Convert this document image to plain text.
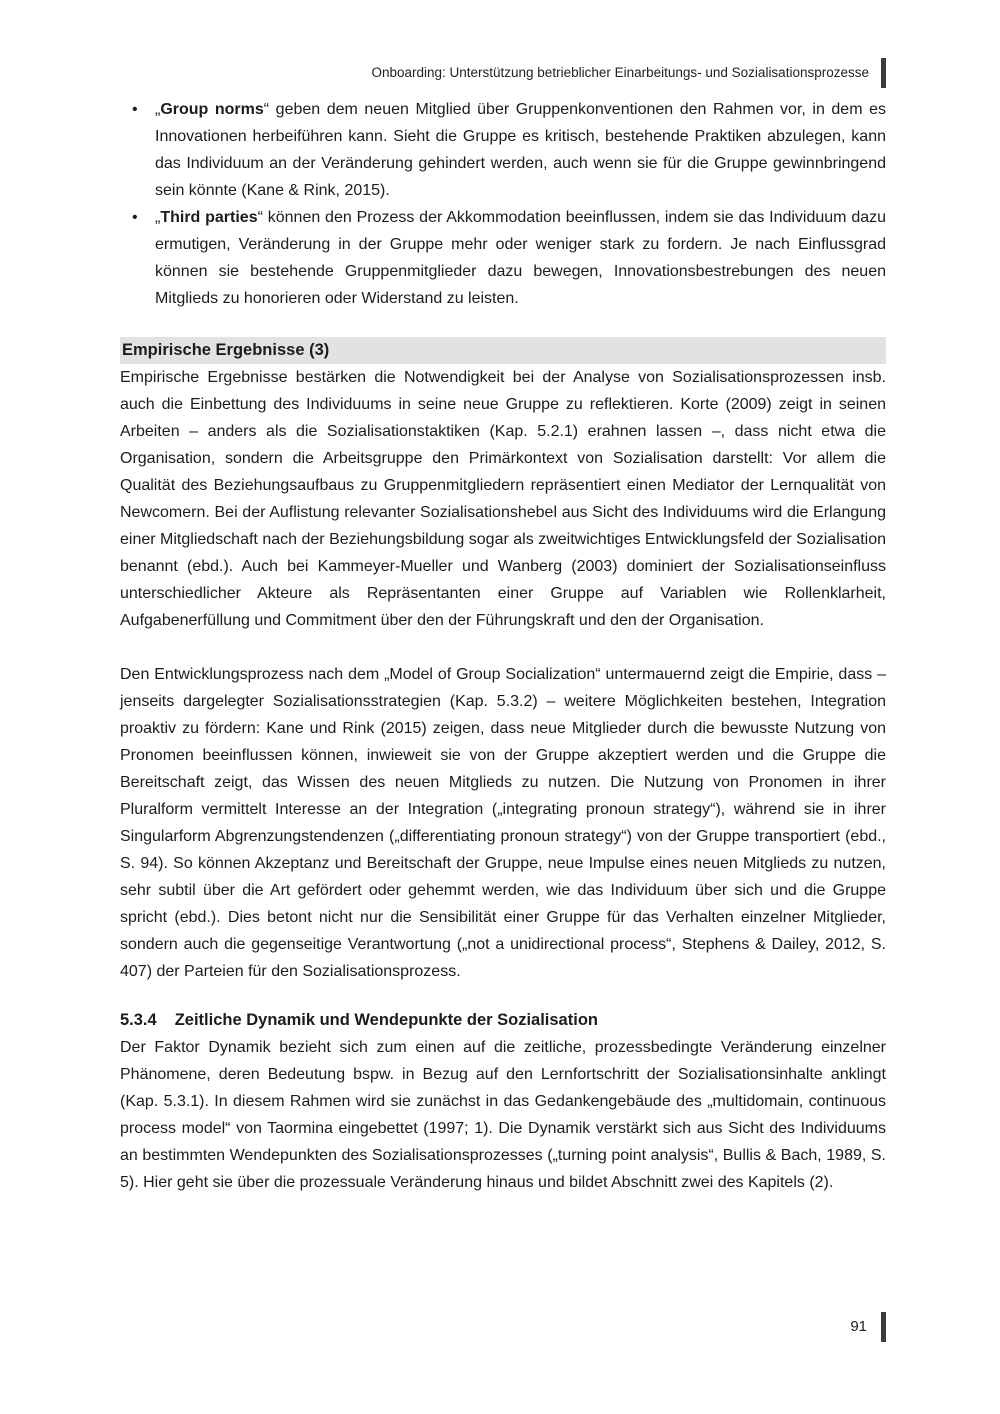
Onboarding: Unterstützung betrieblicher Einarbeitungs- und Sozialisationsprozesse
• „Group norms“ geben dem neuen Mitglied über Gruppenkonventionen den Rahmen vor, in dem es Innovationen herbeiführen kann. Sieht die Gruppe es kritisch, bestehende Praktiken abzulegen, kann das Individuum an der Veränderung gehindert werden, auch wenn sie für die Gruppe gewinnbringend sein könnte (Kane & Rink, 2015).
• „Third parties“ können den Prozess der Akkommodation beeinflussen, indem sie das Individuum dazu ermutigen, Veränderung in der Gruppe mehr oder weniger stark zu fordern. Je nach Einflussgrad können sie bestehende Gruppenmitglieder dazu bewegen, Innovationsbestrebungen des neuen Mitglieds zu honorieren oder Widerstand zu leisten.
Empirische Ergebnisse (3)

Empirische Ergebnisse bestärken die Notwendigkeit bei der Analyse von Sozialisationsprozessen insb. auch die Einbettung des Individuums in seine neue Gruppe zu reflektieren. Korte (2009) zeigt in seinen Arbeiten – anders als die Sozialisationstaktiken (Kap. 5.2.1) erahnen lassen –, dass nicht etwa die Organisation, sondern die Arbeitsgruppe den Primärkontext von Sozialisation darstellt: Vor allem die Qualität des Beziehungsaufbaus zu Gruppenmitgliedern repräsentiert einen Mediator der Lernqualität von Newcomern. Bei der Auflistung relevanter Sozialisationshebel aus Sicht des Individuums wird die Erlangung einer Mitgliedschaft nach der Beziehungsbildung sogar als zweitwichtiges Entwicklungsfeld der Sozialisation benannt (ebd.). Auch bei Kammeyer-Mueller und Wanberg (2003) dominiert der Sozialisationseinfluss unterschiedlicher Akteure als Repräsentanten einer Gruppe auf Variablen wie Rollenklarheit, Aufgabenerfüllung und Commitment über den der Führungskraft und den der Organisation.

Den Entwicklungsprozess nach dem „Model of Group Socialization“ untermauernd zeigt die Empirie, dass – jenseits dargelegter Sozialisationsstrategien (Kap. 5.3.2) – weitere Möglichkeiten bestehen, Integration proaktiv zu fördern: Kane und Rink (2015) zeigen, dass neue Mitglieder durch die bewusste Nutzung von Pronomen beeinflussen können, inwieweit sie von der Gruppe akzeptiert werden und die Gruppe die Bereitschaft zeigt, das Wissen des neuen Mitglieds zu nutzen. Die Nutzung von Pronomen in ihrer Pluralform vermittelt Interesse an der Integration („integrating pronoun strategy“), während sie in ihrer Singularform Abgrenzungstendenzen („differentiating pronoun strategy“) von der Gruppe transportiert (ebd., S. 94). So können Akzeptanz und Bereitschaft der Gruppe, neue Impulse eines neuen Mitglieds zu nutzen, sehr subtil über die Art gefördert oder gehemmt werden, wie das Individuum über sich und die Gruppe spricht (ebd.). Dies betont nicht nur die Sensibilität einer Gruppe für das Verhalten einzelner Mitglieder, sondern auch die gegenseitige Verantwortung („not a unidirectional process“, Stephens & Dailey, 2012, S. 407) der Parteien für den Sozialisationsprozess.

5.3.4 Zeitliche Dynamik und Wendepunkte der Sozialisation

Der Faktor Dynamik bezieht sich zum einen auf die zeitliche, prozessbedingte Veränderung einzelner Phänomene, deren Bedeutung bspw. in Bezug auf den Lernfortschritt der Sozialisationsinhalte anklingt (Kap. 5.3.1). In diesem Rahmen wird sie zunächst in das Gedankengebäude des „multidomain, continuous process model“ von Taormina eingebettet (1997; 1). Die Dynamik verstärkt sich aus Sicht des Individuums an bestimmten Wendepunkten des Sozialisationsprozesses („turning point analysis“, Bullis & Bach, 1989, S. 5). Hier geht sie über die prozessuale Veränderung hinaus und bildet Abschnitt zwei des Kapitels (2).

91
